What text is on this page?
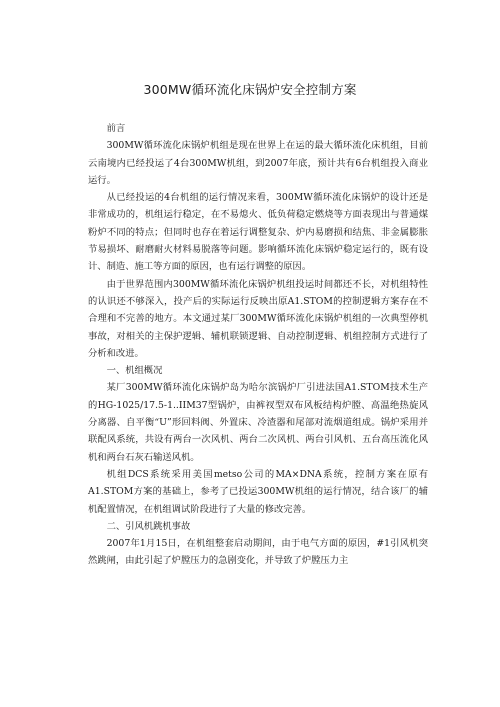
300MW循环流化床锅炉安全控制方案

前言

300MW循环流化床锅炉机组是现在世界上在运的最大循环流化床机组，目前云南境内已经投运了4台300MW机组，到2007年底，预计共有6台机组投入商业运行。

从已经投运的4台机组的运行情况来看，300MW循环流化床锅炉的设计还是非常成功的，机组运行稳定，在不易熄火、低负荷稳定燃烧等方面表现出与普通煤粉炉不同的特点；但同时也存在着运行调整复杂、炉内易磨损和结焦、非金属膨胀节易损坏、耐磨耐火材料易脱落等问题。影响循环流化床锅炉稳定运行的，既有设计、制造、施工等方面的原因，也有运行调整的原因。

由于世界范围内300MW循环流化床锅炉机组投运时间都还不长，对机组特性的认识还不够深入，投产后的实际运行反映出原A1.STOM的控制逻辑方案存在不合理和不完善的地方。本文通过某厂300MW循环流化床锅炉机组的一次典型停机事故，对相关的主保护逻辑、辅机联锁逻辑、自动控制逻辑、机组控制方式进行了分析和改进。

一、机组概况

某厂300MW循环流化床锅炉岛为哈尔滨锅炉厂引进法国A1.STOM技术生产的HG-1025/17.5-1..IIM37型锅炉，由裤衩型双布风板结构炉膛、高温绝热旋风分离器、自平衡“U”形回料阀、外置床、冷渣器和尾部对流烟道组成。锅炉采用并联配风系统，共设有两台一次风机、两台二次风机、两台引风机、五台高压流化风机和两台石灰石输送风机。

机组DCS系统采用美国metso公司的MA×DNA系统，控制方案在原有A1.STOM方案的基础上，参考了已投运300MW机组的运行情况，结合该厂的辅机配置情况，在机组调试阶段进行了大量的修改完善。

二、引风机跳机事故

2007年1月15日，在机组整套启动期间，由于电气方面的原因，#1引风机突然跳闸，由此引起了炉膛压力的急剧变化，并导致了炉膛压力主
